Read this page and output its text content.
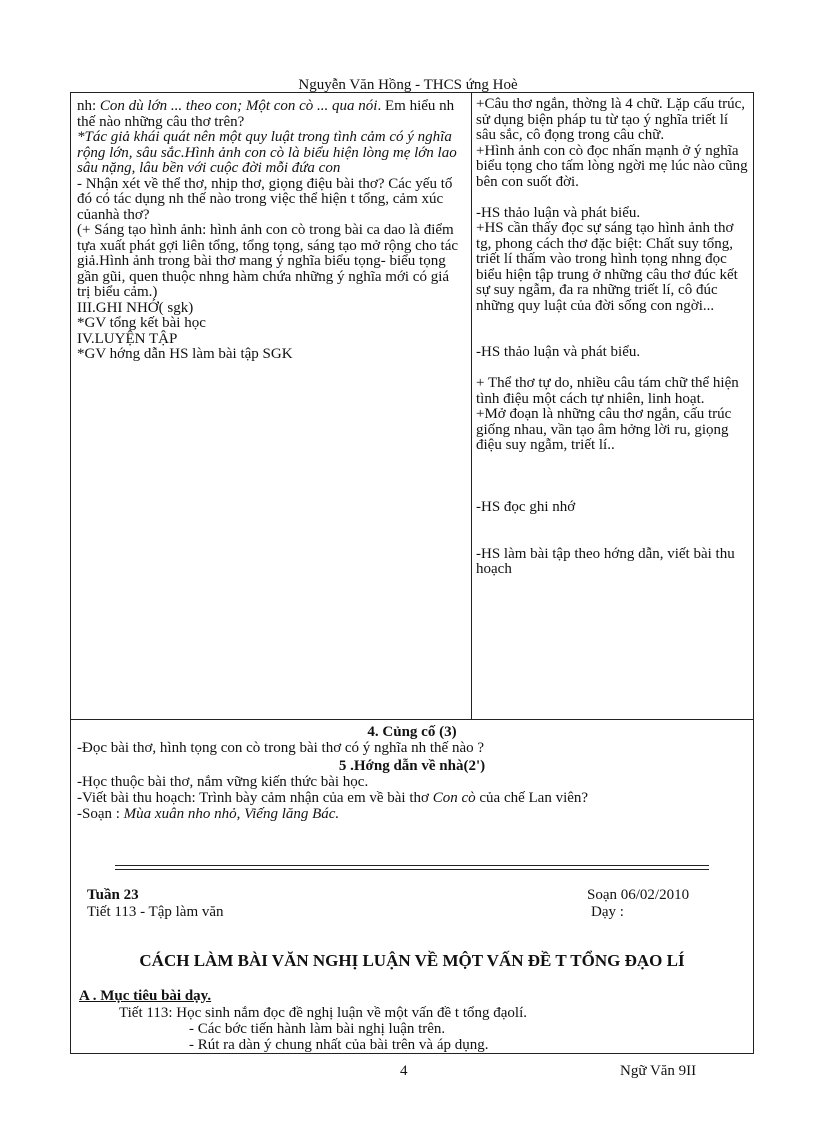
Nguyễn Văn Hồng - THCS ứng Hoè

nh: Con dù lớn ... theo con; Một con cò ... qua nói. Em hiểu nh thế nào những câu thơ trên?

*Tác giả khái quát nên một quy luật trong tình cảm có ý nghĩa rộng lớn, sâu sắc.Hình ảnh con cò là biểu hiện lòng mẹ lớn lao sâu nặng, lâu bền với cuộc đời mỗi đứa con

- Nhận xét về thể thơ, nhịp thơ, giọng điệu bài thơ? Các yếu tố đó có tác dụng nh thế nào trong việc thể hiện t tổng, cảm xúc củanhà thơ?

(+ Sáng tạo hình ảnh: hình ảnh con cò trong bài ca dao là điểm tựa xuất phát gợi liên tổng, tổng tọng, sáng tạo mở rộng cho tác giả.Hình ảnh trong bài thơ mang ý nghĩa biểu tọng- biểu tọng gần gũi, quen thuộc nhng hàm chứa những ý nghĩa mới có giá trị biểu cảm.)

III.GHI NHỚ( sgk)

*GV tổng kết bài học

IV.LUYỆN TẬP

*GV hớng dẫn HS làm bài tập SGK

+Câu thơ ngắn, thờng là 4 chữ. Lặp cấu trúc, sử dụng biện pháp tu từ tạo ý nghĩa triết lí sâu sắc, cô đọng trong câu chữ.

+Hình ảnh con cò đọc nhấn mạnh ở ý nghĩa biểu tọng cho tấm lòng ngời mẹ lúc nào cũng bên con suốt đời.

-HS thảo luận và phát biểu.

+HS cần thấy đọc sự sáng tạo hình ảnh thơ tg, phong cách thơ đặc biệt: Chất suy tổng, triết lí thấm vào trong hình tọng nhng đọc biểu hiện tập trung ở những câu thơ đúc kết sự suy ngẫm, đa ra những triết lí, cô đúc những quy luật của đời sống con ngời...

-HS thảo luận và phát biểu.

+ Thể thơ tự do, nhiều câu tám chữ thể hiện tình điệu một cách tự nhiên, linh hoạt.

+Mở đoạn là những câu thơ ngắn, cấu trúc giống nhau, vần tạo âm hởng lời ru, giọng điệu suy ngẫm, triết lí..

-HS đọc ghi nhớ

-HS làm bài tập theo hớng dẫn, viết bài thu hoạch

4. Củng cố (3)

-Đọc bài thơ, hình tọng con cò trong bài thơ có ý nghĩa nh thế nào ?

5 .Hớng dẫn về nhà(2')

-Học thuộc bài thơ, nắm vững kiến thức bài học.

-Viết bài thu hoạch: Trình bày cảm nhận của em về bài thơ Con cò của chế Lan viên?

-Soạn : Mùa xuân nho nhỏ, Viếng lăng Bác.

Tuần 23
Tiết 113 - Tập làm văn
Soạn 06/02/2010
Dạy :
CÁCH LÀM BÀI VĂN NGHỊ LUẬN VỀ MỘT VẤN ĐỀ T TỔNG ĐẠO LÍ
A . Mục tiêu bài dạy.
Tiết 113: Học sinh nắm đọc đề nghị luận về một vấn đề t tổng đạolí.
- Các bớc tiến hành làm bài nghị luận trên.
- Rút ra dàn ý chung nhất của bài trên và áp dụng.
4	Ngữ Văn 9II
